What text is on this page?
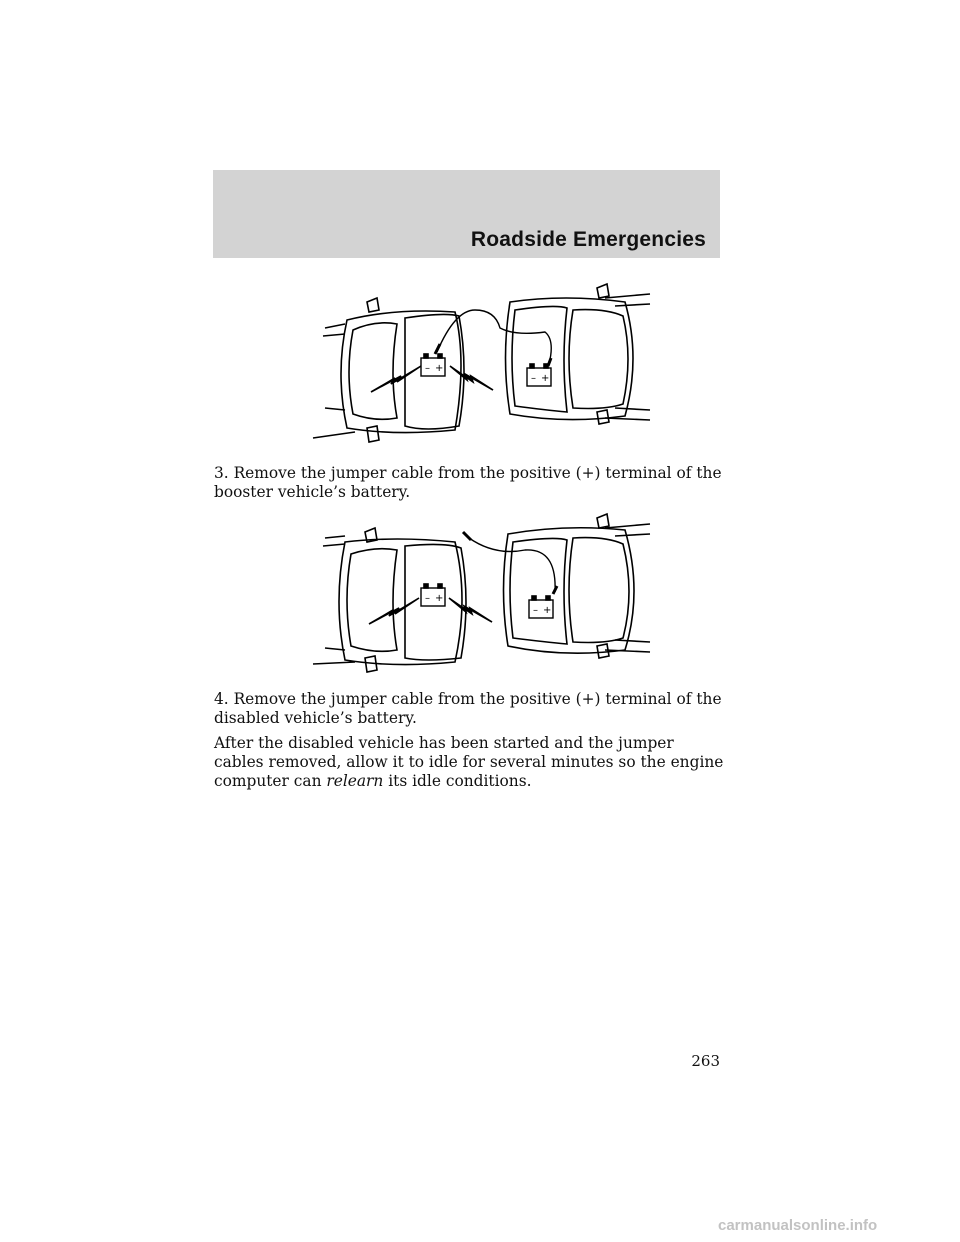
Roadside Emergencies
– +
– +

3. Remove the jumper cable from the positive (+) terminal of the booster vehicle’s battery.

– +
– +

4. Remove the jumper cable from the positive (+) terminal of the disabled vehicle’s battery.

After the disabled vehicle has been started and the jumper cables removed, allow it to idle for several minutes so the engine computer can relearn its idle conditions.

263
carmanualsonline.info
